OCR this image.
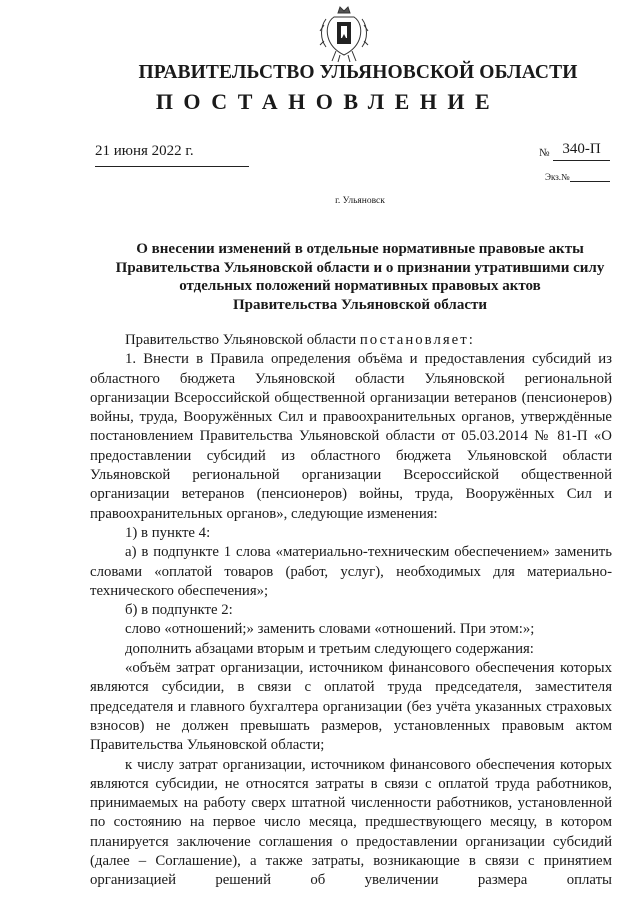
ПРАВИТЕЛЬСТВО УЛЬЯНОВСКОЙ ОБЛАСТИ
ПОСТАНОВЛЕНИЕ
21 июня 2022 г.	№ 340-П
Экз.№
г. Ульяновск
О внесении изменений в отдельные нормативные правовые акты
Правительства Ульяновской области и о признании утратившими силу
отдельных положений нормативных правовых актов
Правительства Ульяновской области

Правительство Ульяновской области постановляет:

1. Внести в Правила определения объёма и предоставления субсидий из областного бюджета Ульяновской области Ульяновской региональной организации Всероссийской общественной организации ветеранов (пенсионеров) войны, труда, Вооружённых Сил и правоохранительных органов, утверждённые постановлением Правительства Ульяновской области от 05.03.2014 № 81-П «О предоставлении субсидий из областного бюджета Ульяновской области Ульяновской региональной организации Всероссийской общественной организации ветеранов (пенсионеров) войны, труда, Вооружённых Сил и правоохранительных органов», следующие изменения:

1) в пункте 4:

а) в подпункте 1 слова «материально-техническим обеспечением» заменить словами «оплатой товаров (работ, услуг), необходимых для материально-технического обеспечения»;

б) в подпункте 2:

слово «отношений;» заменить словами «отношений. При этом:»;

дополнить абзацами вторым и третьим следующего содержания:

«объём затрат организации, источником финансового обеспечения которых являются субсидии, в связи с оплатой труда председателя, заместителя председателя и главного бухгалтера организации (без учёта указанных страховых взносов) не должен превышать размеров, установленных правовым актом Правительства Ульяновской области;

к числу затрат организации, источником финансового обеспечения которых являются субсидии, не относятся затраты в связи с оплатой труда работников, принимаемых на работу сверх штатной численности работников, установленной по состоянию на первое число месяца, предшествующего месяцу, в котором планируется заключение соглашения о предоставлении организации субсидий (далее – Соглашение), а также затраты, возникающие в связи с принятием организацией решений об увеличении размера оплаты
